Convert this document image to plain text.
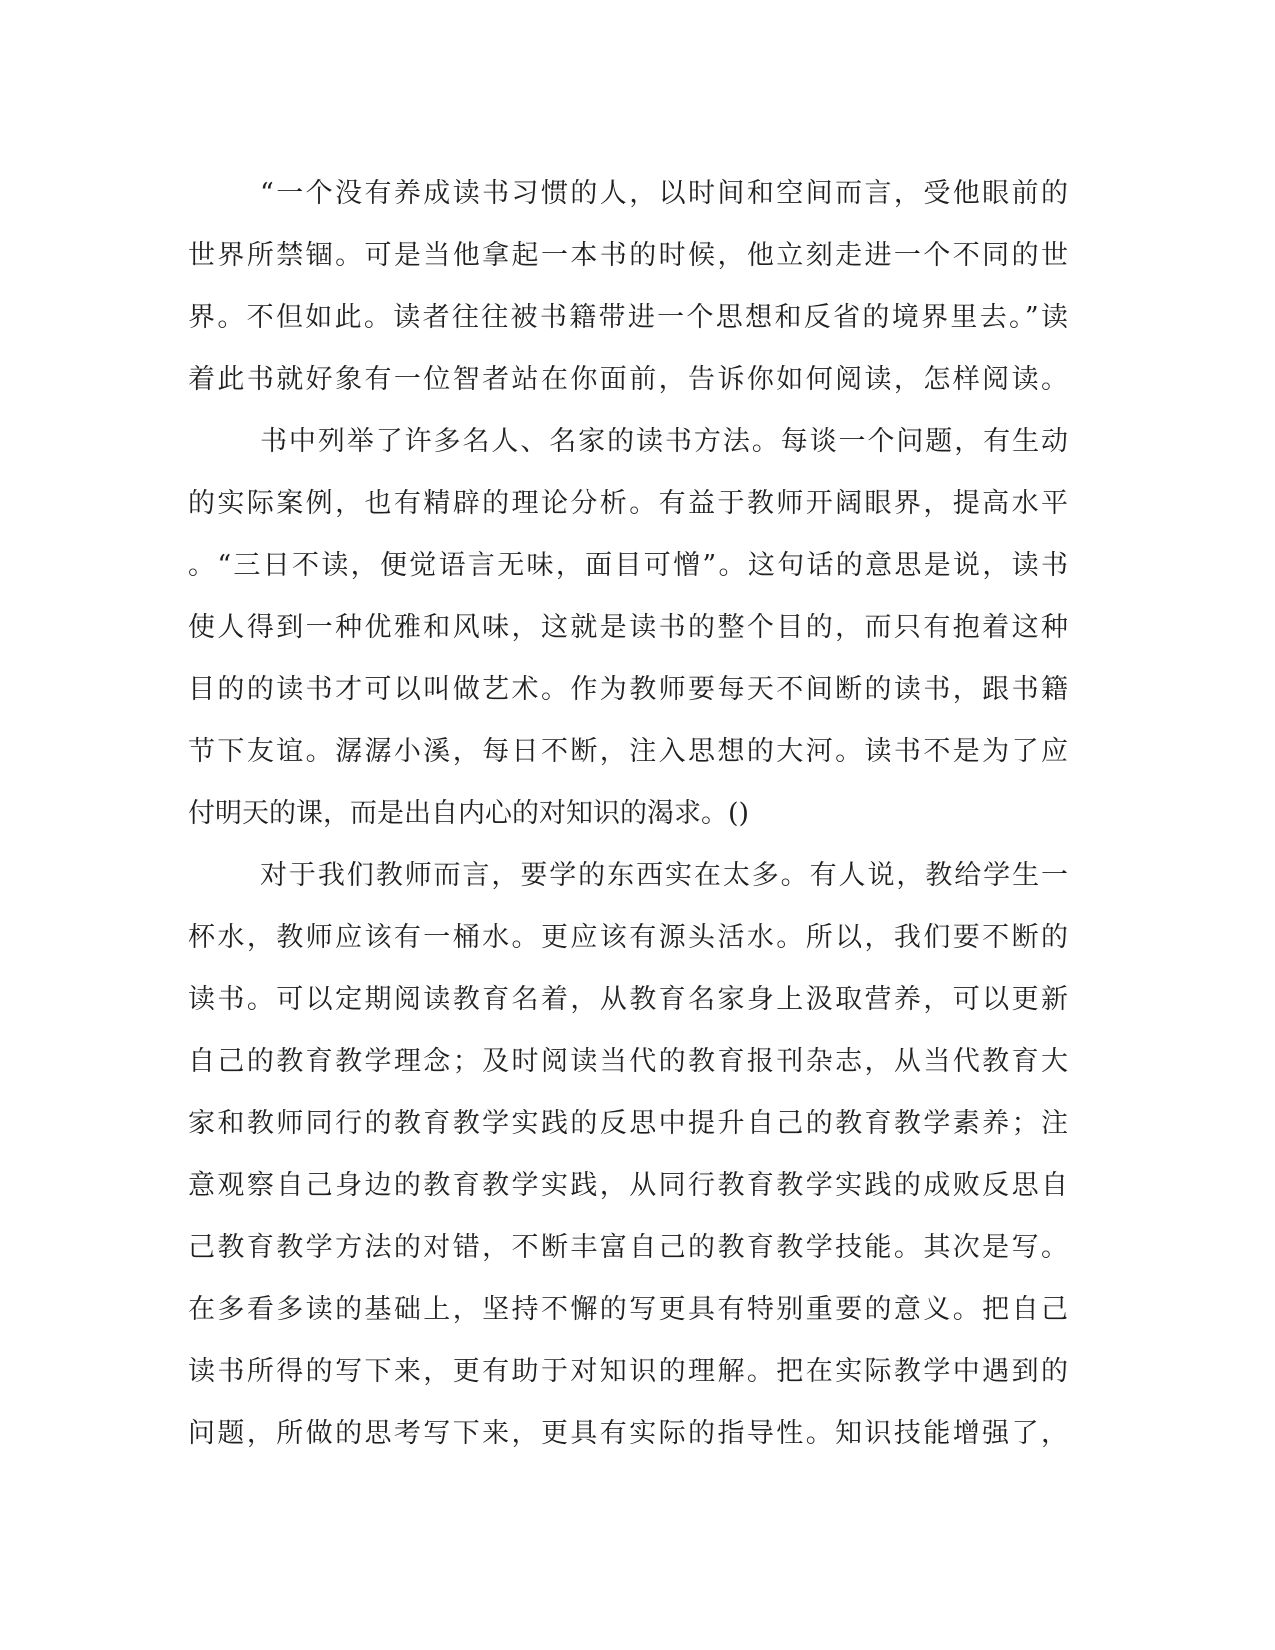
“一个没有养成读书习惯的人，以时间和空间而言，受他眼前的
世界所禁锢。可是当他拿起一本书的时候，他立刻走进一个不同的世
界。不但如此。读者往往被书籍带进一个思想和反省的境界里去。”读
着此书就好象有一位智者站在你面前，告诉你如何阅读，怎样阅读。
书中列举了许多名人、名家的读书方法。每谈一个问题，有生动
的实际案例，也有精辟的理论分析。有益于教师开阔眼界，提高水平
。“三日不读，便觉语言无味，面目可憎”。这句话的意思是说，读书
使人得到一种优雅和风味，这就是读书的整个目的，而只有抱着这种
目的的读书才可以叫做艺术。作为教师要每天不间断的读书，跟书籍
节下友谊。潺潺小溪，每日不断，注入思想的大河。读书不是为了应
付明天的课，而是出自内心的对知识的渴求。()
对于我们教师而言，要学的东西实在太多。有人说，教给学生一
杯水，教师应该有一桶水。更应该有源头活水。所以，我们要不断的
读书。可以定期阅读教育名着，从教育名家身上汲取营养，可以更新
自己的教育教学理念；及时阅读当代的教育报刊杂志，从当代教育大
家和教师同行的教育教学实践的反思中提升自己的教育教学素养；注
意观察自己身边的教育教学实践，从同行教育教学实践的成败反思自
己教育教学方法的对错，不断丰富自己的教育教学技能。其次是写。
在多看多读的基础上，坚持不懈的写更具有特别重要的意义。把自己
读书所得的写下来，更有助于对知识的理解。把在实际教学中遇到的
问题，所做的思考写下来，更具有实际的指导性。知识技能增强了，
